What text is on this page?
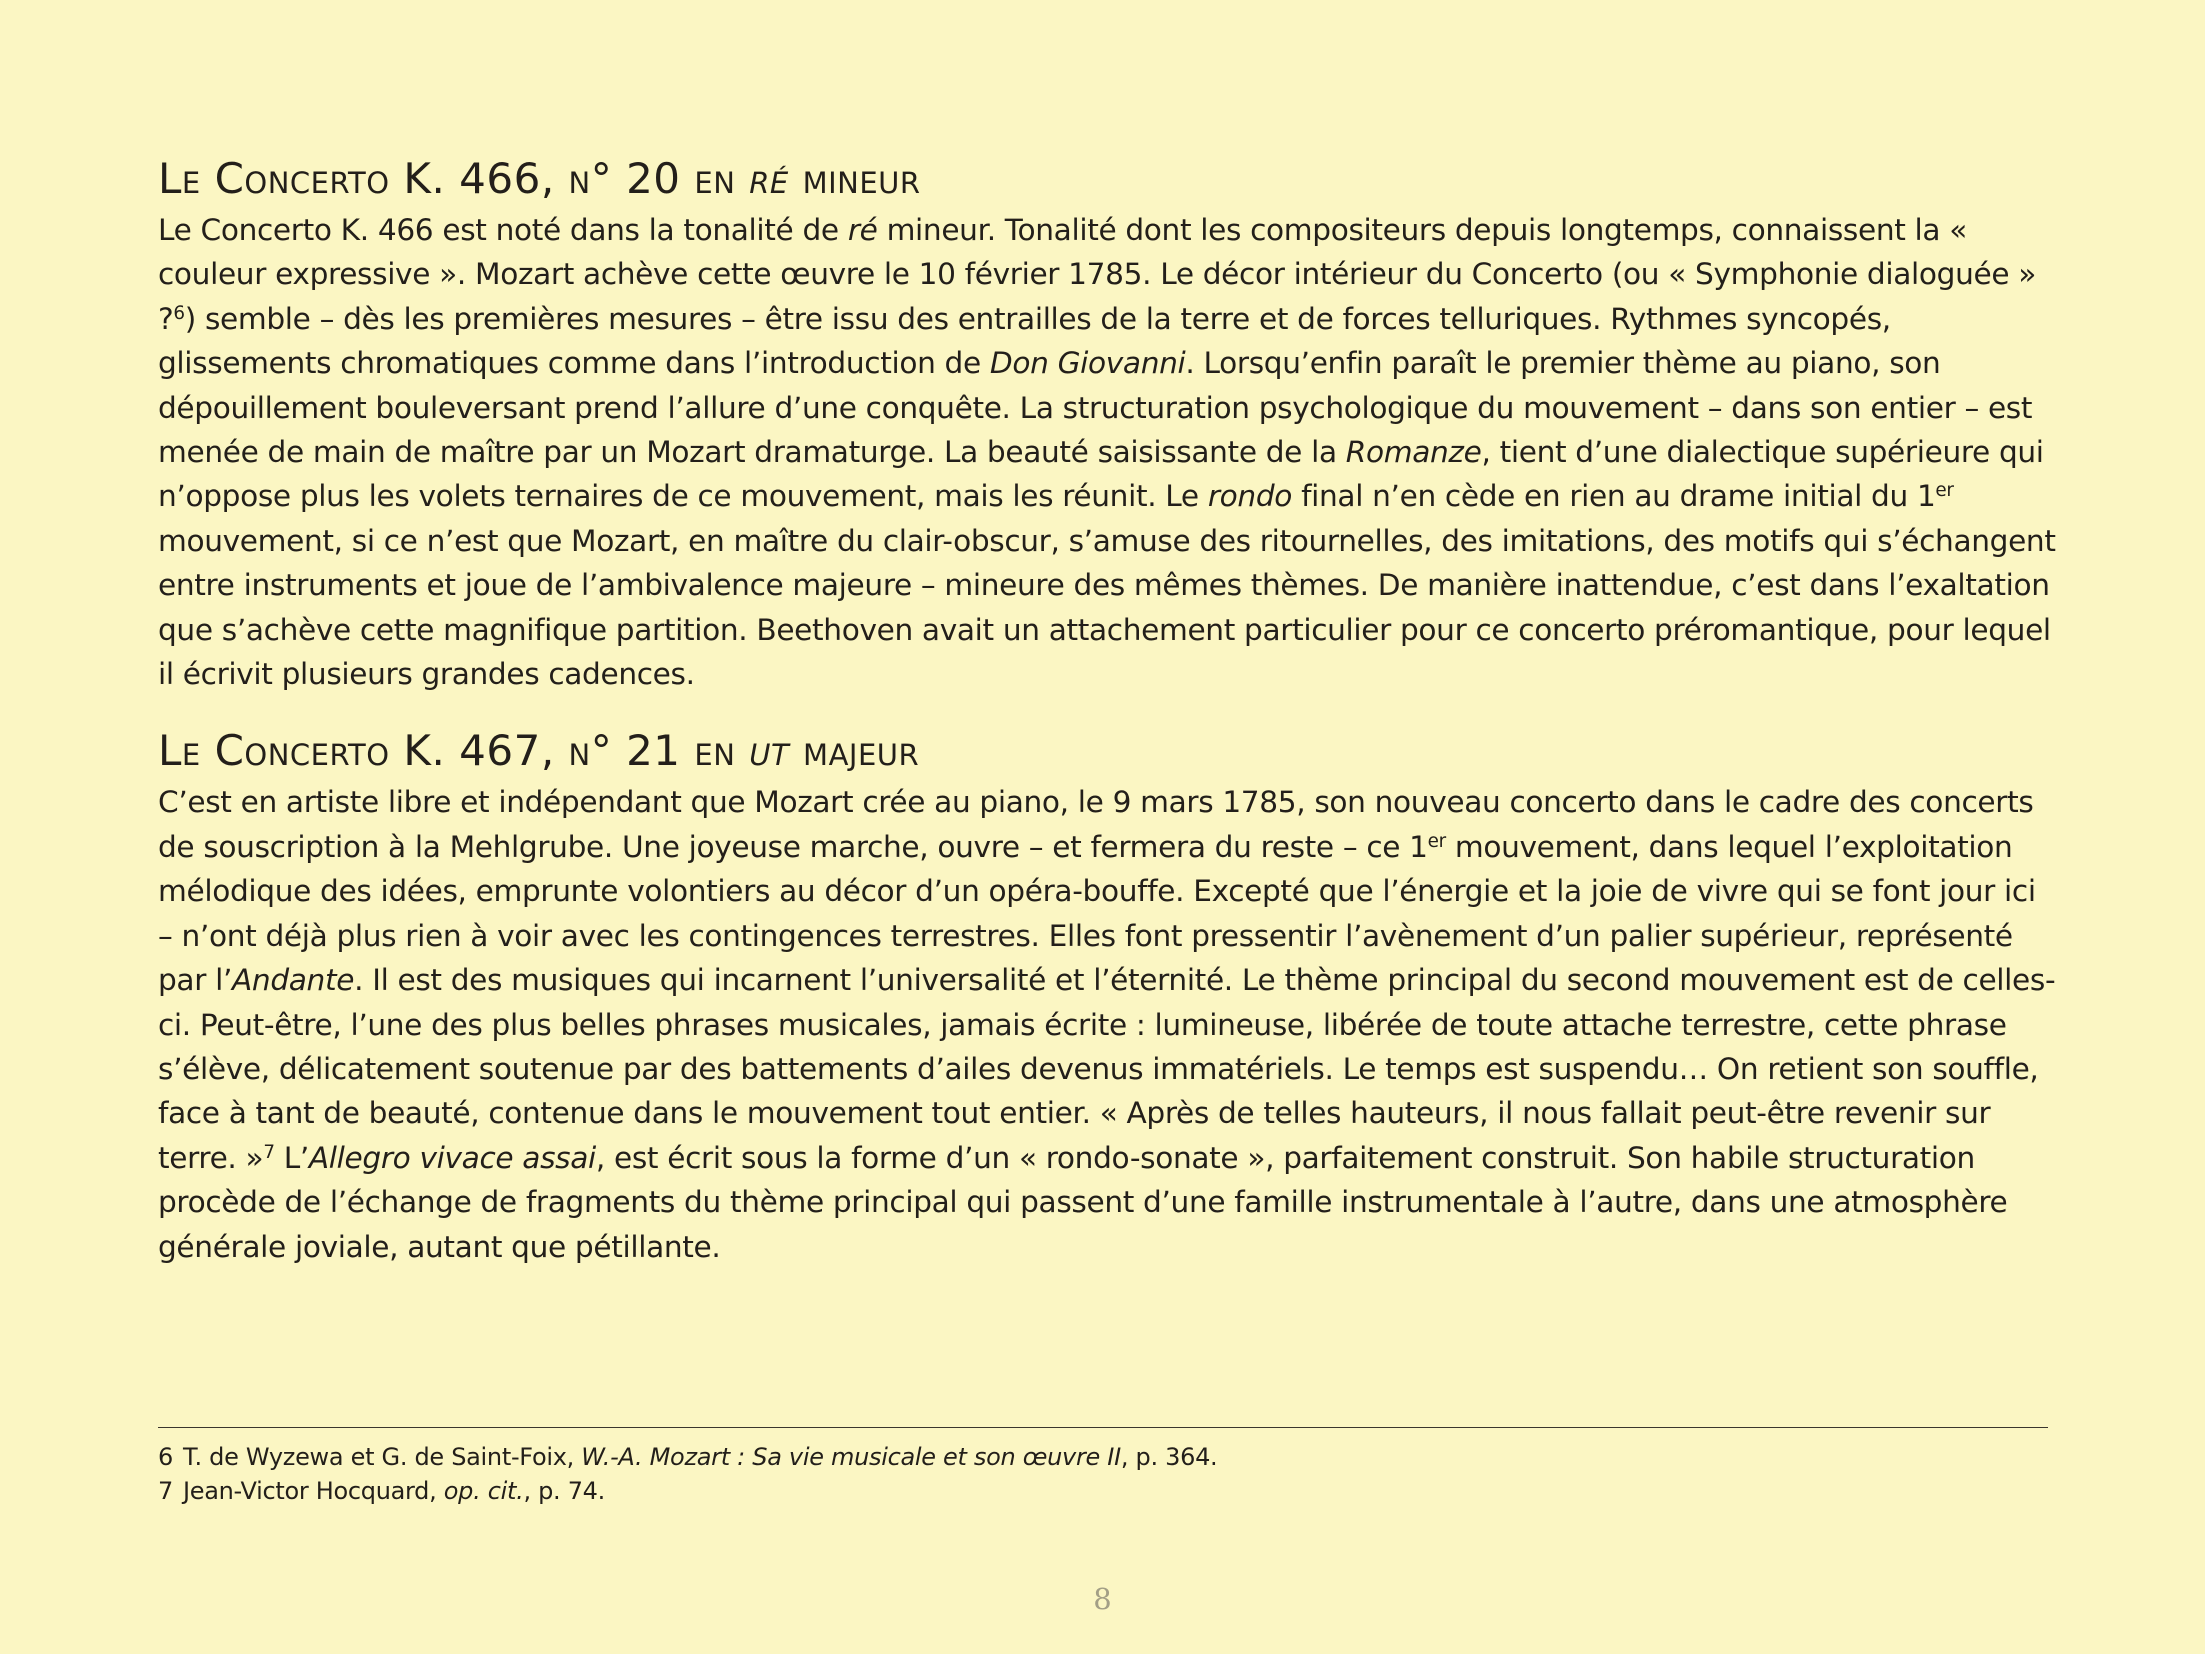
Le Concerto K. 466, n° 20 en ré mineur

Le Concerto K. 466 est noté dans la tonalité de ré mineur. Tonalité dont les compositeurs depuis longtemps, connaissent la « couleur expressive ». Mozart achève cette œuvre le 10 février 1785. Le décor intérieur du Concerto (ou « Symphonie dialoguée » ?$^6$) semble – dès les premières mesures – être issu des entrailles de la terre et de forces telluriques. Rythmes syncopés, glissements chromatiques comme dans l’introduction de Don Giovanni. Lorsqu’enfin paraît le premier thème au piano, son dépouillement bouleversant prend l’allure d’une conquête. La structuration psychologique du mouvement – dans son entier – est menée de main de maître par un Mozart dramaturge. La beauté saisissante de la Romanze, tient d’une dialectique supérieure qui n’oppose plus les volets ternaires de ce mouvement, mais les réunit. Le rondo final n’en cède en rien au drame initial du 1er mouvement, si ce n’est que Mozart, en maître du clair-obscur, s’amuse des ritournelles, des imitations, des motifs qui s’échangent entre instruments et joue de l’ambivalence majeure – mineure des mêmes thèmes. De manière inattendue, c’est dans l’exaltation que s’achève cette magnifique partition. Beethoven avait un attachement particulier pour ce concerto préromantique, pour lequel il écrivit plusieurs grandes cadences.

Le Concerto K. 467, n° 21 en ut majeur

C’est en artiste libre et indépendant que Mozart crée au piano, le 9 mars 1785, son nouveau concerto dans le cadre des concerts de souscription à la Mehlgrube. Une joyeuse marche, ouvre – et fermera du reste – ce 1er mouvement, dans lequel l’exploitation mélodique des idées, emprunte volontiers au décor d’un opéra-bouffe. Excepté que l’énergie et la joie de vivre qui se font jour ici – n’ont déjà plus rien à voir avec les contingences terrestres. Elles font pressentir l’avènement d’un palier supérieur, représenté par l’Andante. Il est des musiques qui incarnent l’universalité et l’éternité. Le thème principal du second mouvement est de celles-ci. Peut-être, l’une des plus belles phrases musicales, jamais écrite : lumineuse, libérée de toute attache terrestre, cette phrase s’élève, délicatement soutenue par des battements d’ailes devenus immatériels. Le temps est suspendu… On retient son souffle, face à tant de beauté, contenue dans le mouvement tout entier. « Après de telles hauteurs, il nous fallait peut-être revenir sur terre. »$^7$ L’Allegro vivace assai, est écrit sous la forme d’un « rondo-sonate », parfaitement construit. Son habile structuration procède de l’échange de fragments du thème principal qui passent d’une famille instrumentale à l’autre, dans une atmosphère générale joviale, autant que pétillante.

6 T. de Wyzewa et G. de Saint-Foix, W.-A. Mozart : Sa vie musicale et son œuvre II, p. 364.

7 Jean-Victor Hocquard, op. cit., p. 74.

8
